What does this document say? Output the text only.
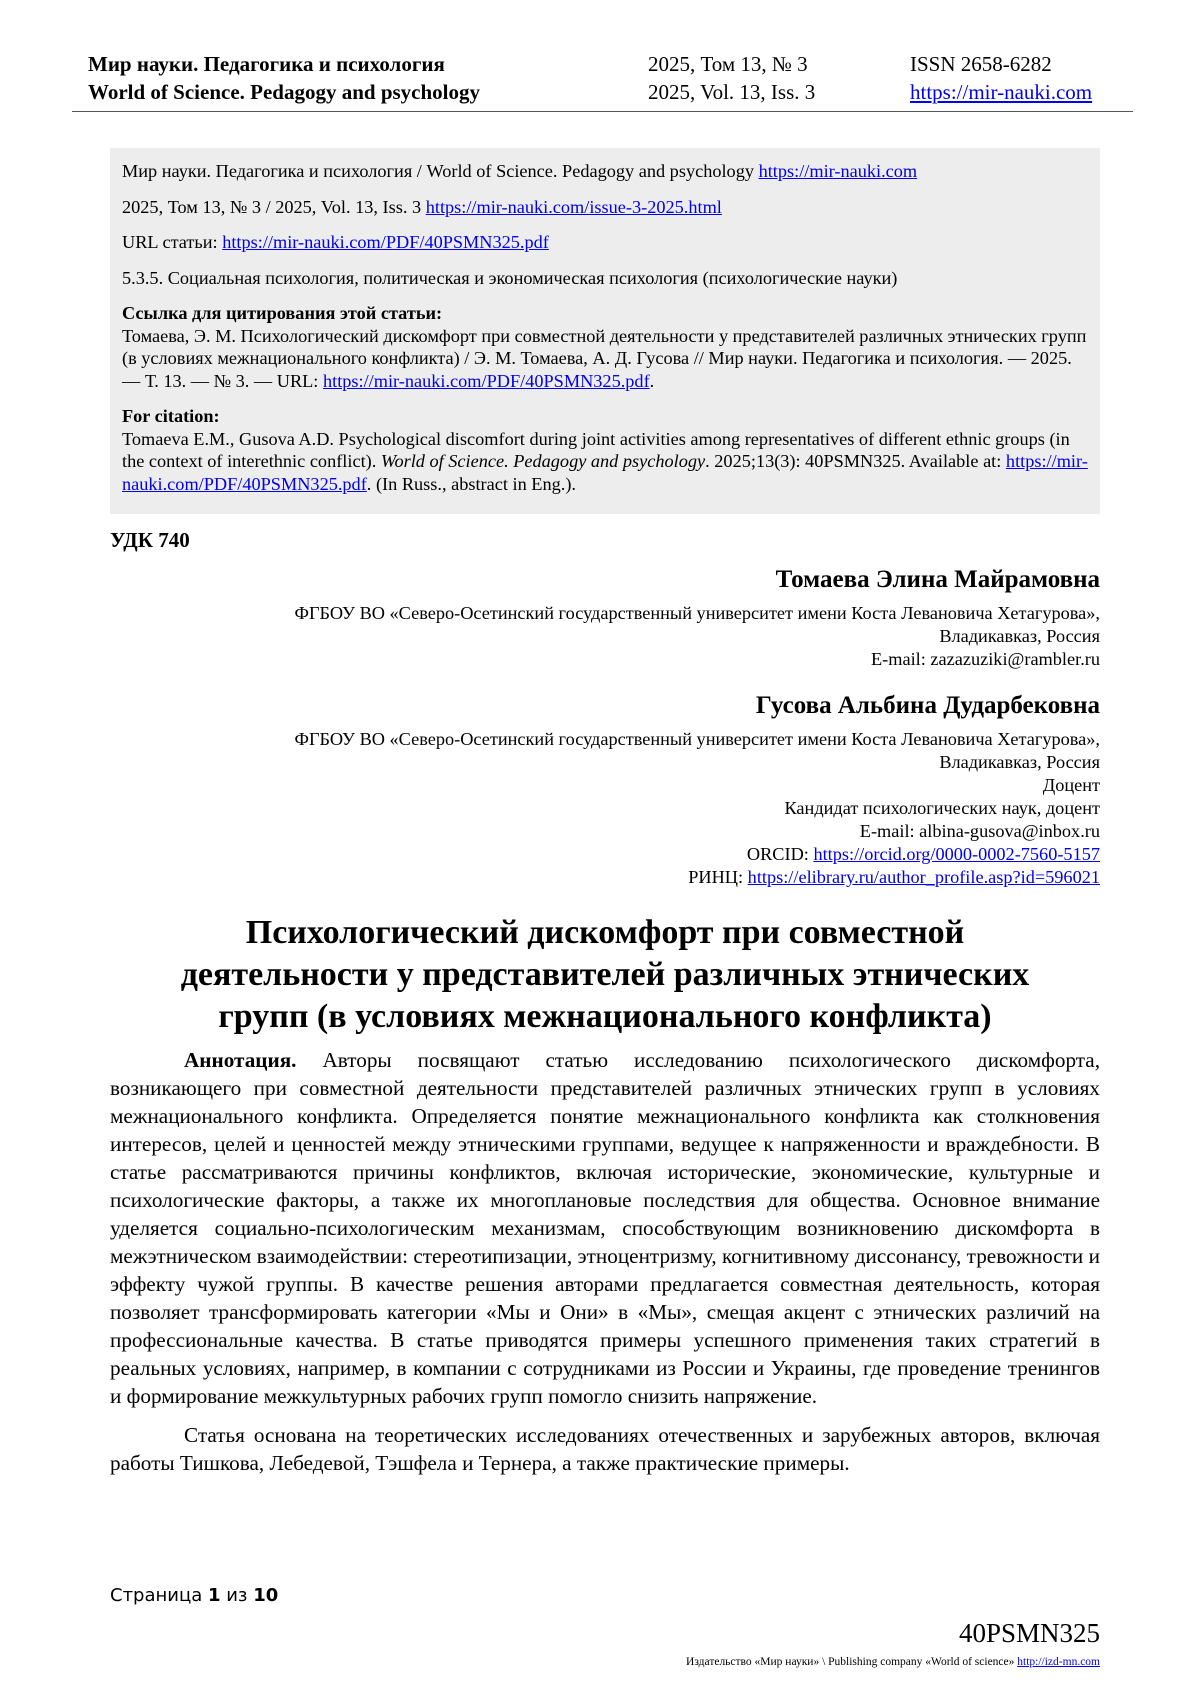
Мир науки. Педагогика и психология	2025, Том 13, № 3	ISSN 2658-6282
World of Science. Pedagogy and psychology	2025, Vol. 13, Iss. 3	https://mir-nauki.com

Мир науки. Педагогика и психология / World of Science. Pedagogy and psychology https://mir-nauki.com

2025, Том 13, № 3 / 2025, Vol. 13, Iss. 3 https://mir-nauki.com/issue-3-2025.html

URL статьи: https://mir-nauki.com/PDF/40PSMN325.pdf

5.3.5. Социальная психология, политическая и экономическая психология (психологические науки)

Ссылка для цитирования этой статьи:
Томаева, Э. М. Психологический дискомфорт при совместной деятельности у представителей различных этнических групп (в условиях межнационального конфликта) / Э. М. Томаева, А. Д. Гусова // Мир науки. Педагогика и психология. — 2025. — Т. 13. — № 3. — URL: https://mir-nauki.com/PDF/40PSMN325.pdf.

For citation:
Tomaeva E.M., Gusova A.D. Psychological discomfort during joint activities among representatives of different ethnic groups (in the context of interethnic conflict). World of Science. Pedagogy and psychology. 2025;13(3): 40PSMN325. Available at: https://mir-nauki.com/PDF/40PSMN325.pdf. (In Russ., abstract in Eng.).

УДК 740
Томаева Элина Майрамовна
ФГБОУ ВО «Северо-Осетинский государственный университет имени Коста Левановича Хетагурова»,
Владикавказ, Россия
E-mail: zazazuziki@rambler.ru
Гусова Альбина Дударбековна
ФГБОУ ВО «Северо-Осетинский государственный университет имени Коста Левановича Хетагурова»,
Владикавказ, Россия
Доцент
Кандидат психологических наук, доцент
E-mail: albina-gusova@inbox.ru
ORCID: https://orcid.org/0000-0002-7560-5157
РИНЦ: https://elibrary.ru/author_profile.asp?id=596021
Психологический дискомфорт при совместной
деятельности у представителей различных этнических
групп (в условиях межнационального конфликта)

Аннотация. Авторы посвящают статью исследованию психологического дискомфорта, возникающего при совместной деятельности представителей различных этнических групп в условиях межнационального конфликта. Определяется понятие межнационального конфликта как столкновения интересов, целей и ценностей между этническими группами, ведущее к напряженности и враждебности. В статье рассматриваются причины конфликтов, включая исторические, экономические, культурные и психологические факторы, а также их многоплановые последствия для общества. Основное внимание уделяется социально-психологическим механизмам, способствующим возникновению дискомфорта в межэтническом взаимодействии: стереотипизации, этноцентризму, когнитивному диссонансу, тревожности и эффекту чужой группы. В качестве решения авторами предлагается совместная деятельность, которая позволяет трансформировать категории «Мы и Они» в «Мы», смещая акцент с этнических различий на профессиональные качества. В статье приводятся примеры успешного применения таких стратегий в реальных условиях, например, в компании с сотрудниками из России и Украины, где проведение тренингов и формирование межкультурных рабочих групп помогло снизить напряжение.

Статья основана на теоретических исследованиях отечественных и зарубежных авторов, включая работы Тишкова, Лебедевой, Тэшфела и Тернера, а также практические примеры.

Страница 1 из 10
40PSMN325
Издательство «Мир науки» \ Publishing company «World of science» http://izd-mn.com
